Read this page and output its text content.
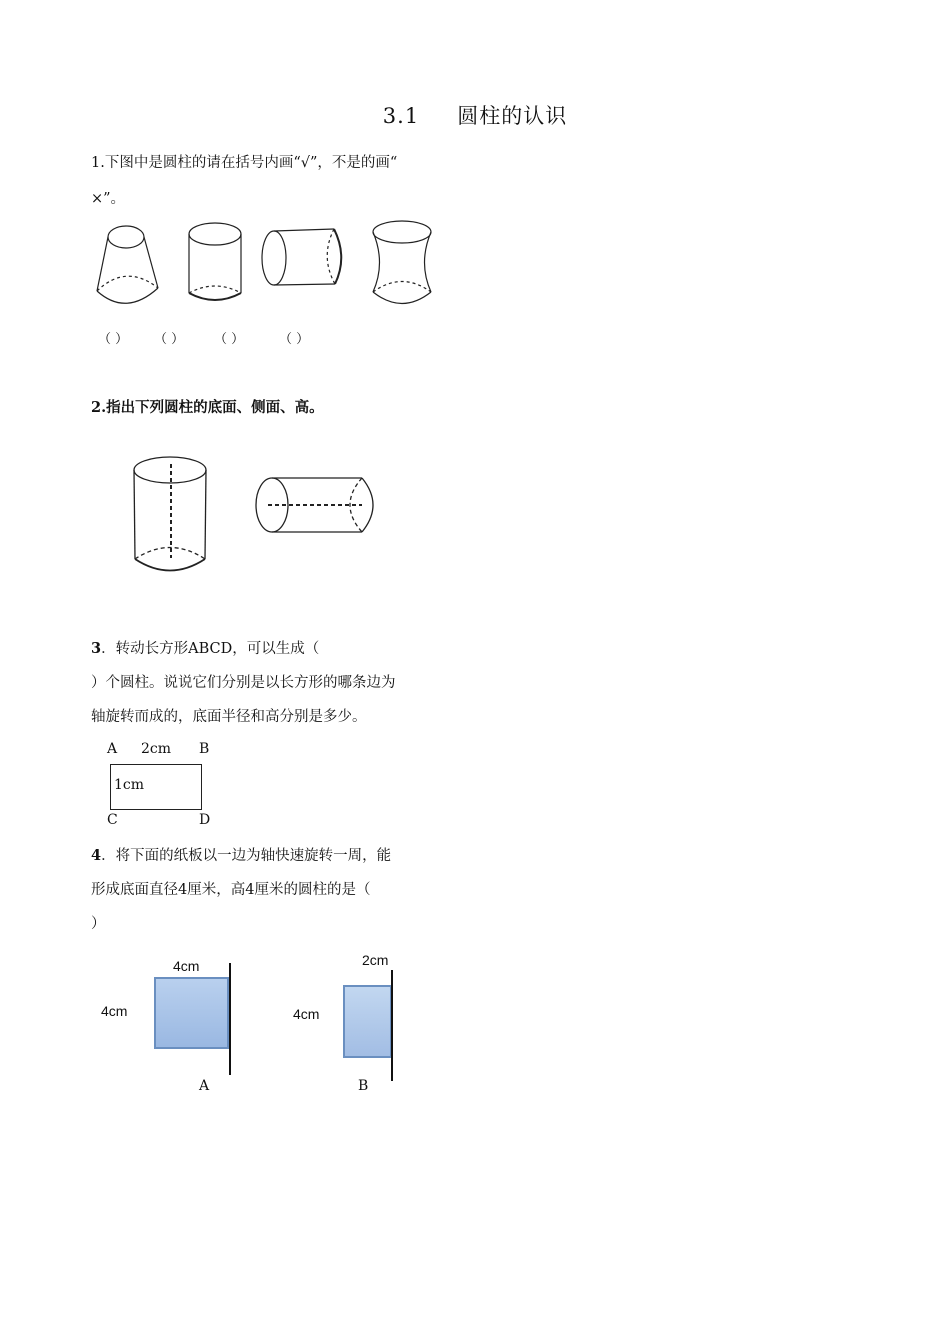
3.1 圆柱的认识
1.下图中是圆柱的请在括号内画“√”，不是的画“
×”。
（ ） （ ） （ ）	（ ）
2.指出下列圆柱的底面、侧面、高。
3．转动长方形ABCD，可以生成（
）个圆柱。说说它们分别是以长方形的哪条边为
轴旋转而成的，底面半径和高分别是多少。
A 2cm B
1cm
C	D
4．将下面的纸板以一边为轴快速旋转一周，能
形成底面直径4厘米，高4厘米的圆柱的是（
）
4cm
4cm
A
2cm
4cm
B
